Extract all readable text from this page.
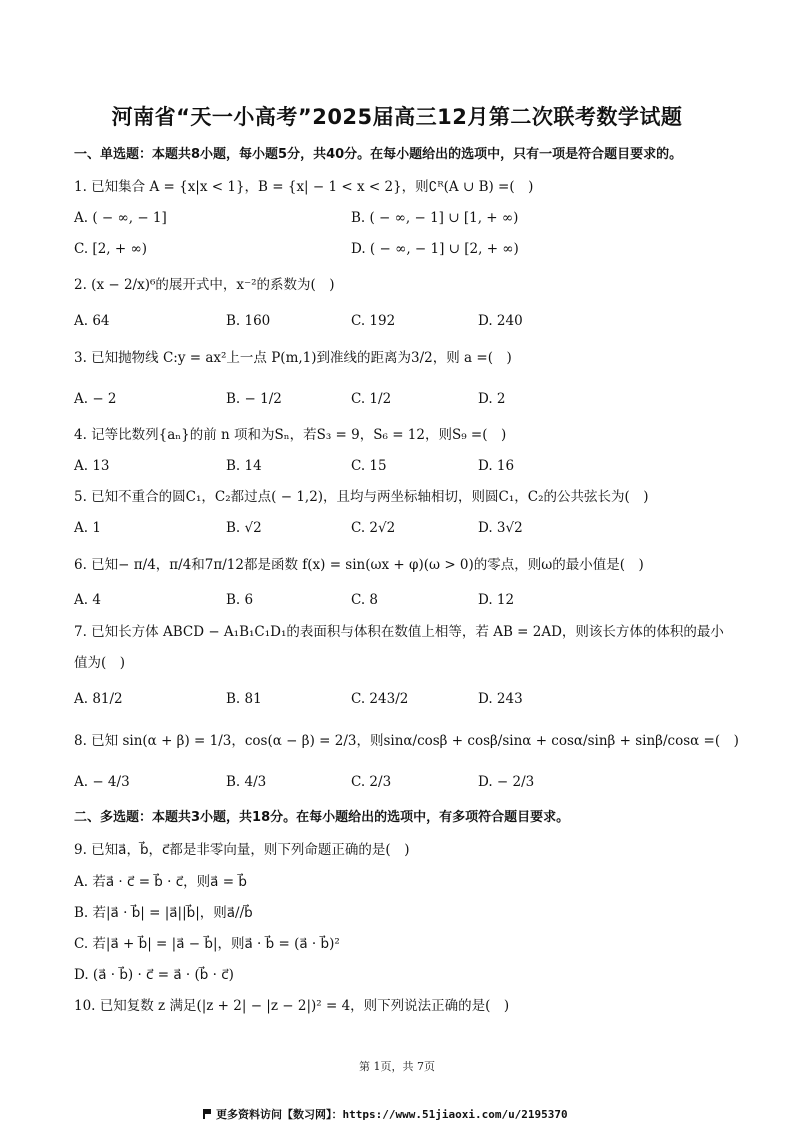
河南省“天一小高考”2025届高三12月第二次联考数学试题
一、单选题：本题共8小题，每小题5分，共40分。在每小题给出的选项中，只有一项是符合题目要求的。
1. 已知集合 A = {x|x < 1}，B = {x| − 1 < x < 2}，则∁ᴿ(A ∪ B) =(　)
A. ( − ∞, − 1]	B. ( − ∞, − 1] ∪ [1, + ∞)
C. [2, + ∞)	D. ( − ∞, − 1] ∪ [2, + ∞)
2. (x − 2/x)⁶的展开式中，x⁻²的系数为(　)
A. 64	B. 160	C. 192	D. 240
3. 已知抛物线 C:y = ax²上一点 P(m,1)到准线的距离为3/2，则 a =(　)
A. − 2	B. − 1/2	C. 1/2	D. 2
4. 记等比数列{aₙ}的前 n 项和为Sₙ，若S₃ = 9，S₆ = 12，则S₉ =(　)
A. 13	B. 14	C. 15	D. 16
5. 已知不重合的圆C₁，C₂都过点( − 1,2)，且均与两坐标轴相切，则圆C₁，C₂的公共弦长为(　)
A. 1	B. √2	C. 2√2	D. 3√2
6. 已知− π/4，π/4和7π/12都是函数 f(x) = sin(ωx + φ)(ω > 0)的零点，则ω的最小值是(　)
A. 4	B. 6	C. 8	D. 12
7. 已知长方体 ABCD − A₁B₁C₁D₁的表面积与体积在数值上相等，若 AB = 2AD，则该长方体的体积的最小
值为(　)
A. 81/2	B. 81	C. 243/2	D. 243
8. 已知 sin(α + β) = 1/3，cos(α − β) = 2/3，则sinα/cosβ + cosβ/sinα + cosα/sinβ + sinβ/cosα =(　)
A. − 4/3	B. 4/3	C. 2/3	D. − 2/3
二、多选题：本题共3小题，共18分。在每小题给出的选项中，有多项符合题目要求。
9. 已知a⃗，b⃗，c⃗都是非零向量，则下列命题正确的是(　)
A. 若a⃗ · c⃗ = b⃗ · c⃗，则a⃗ = b⃗
B. 若|a⃗ · b⃗| = |a⃗||b⃗|，则a⃗//b⃗
C. 若|a⃗ + b⃗| = |a⃗ − b⃗|，则a⃗ · b⃗ = (a⃗ · b⃗)²
D. (a⃗ · b⃗) · c⃗ = a⃗ · (b⃗ · c⃗)
10. 已知复数 z 满足(|z + 2| − |z − 2|)² = 4，则下列说法正确的是(　)
第 1页，共 7页
更多资料访问【数习网】：https://www.51jiaoxi.com/u/2195370
